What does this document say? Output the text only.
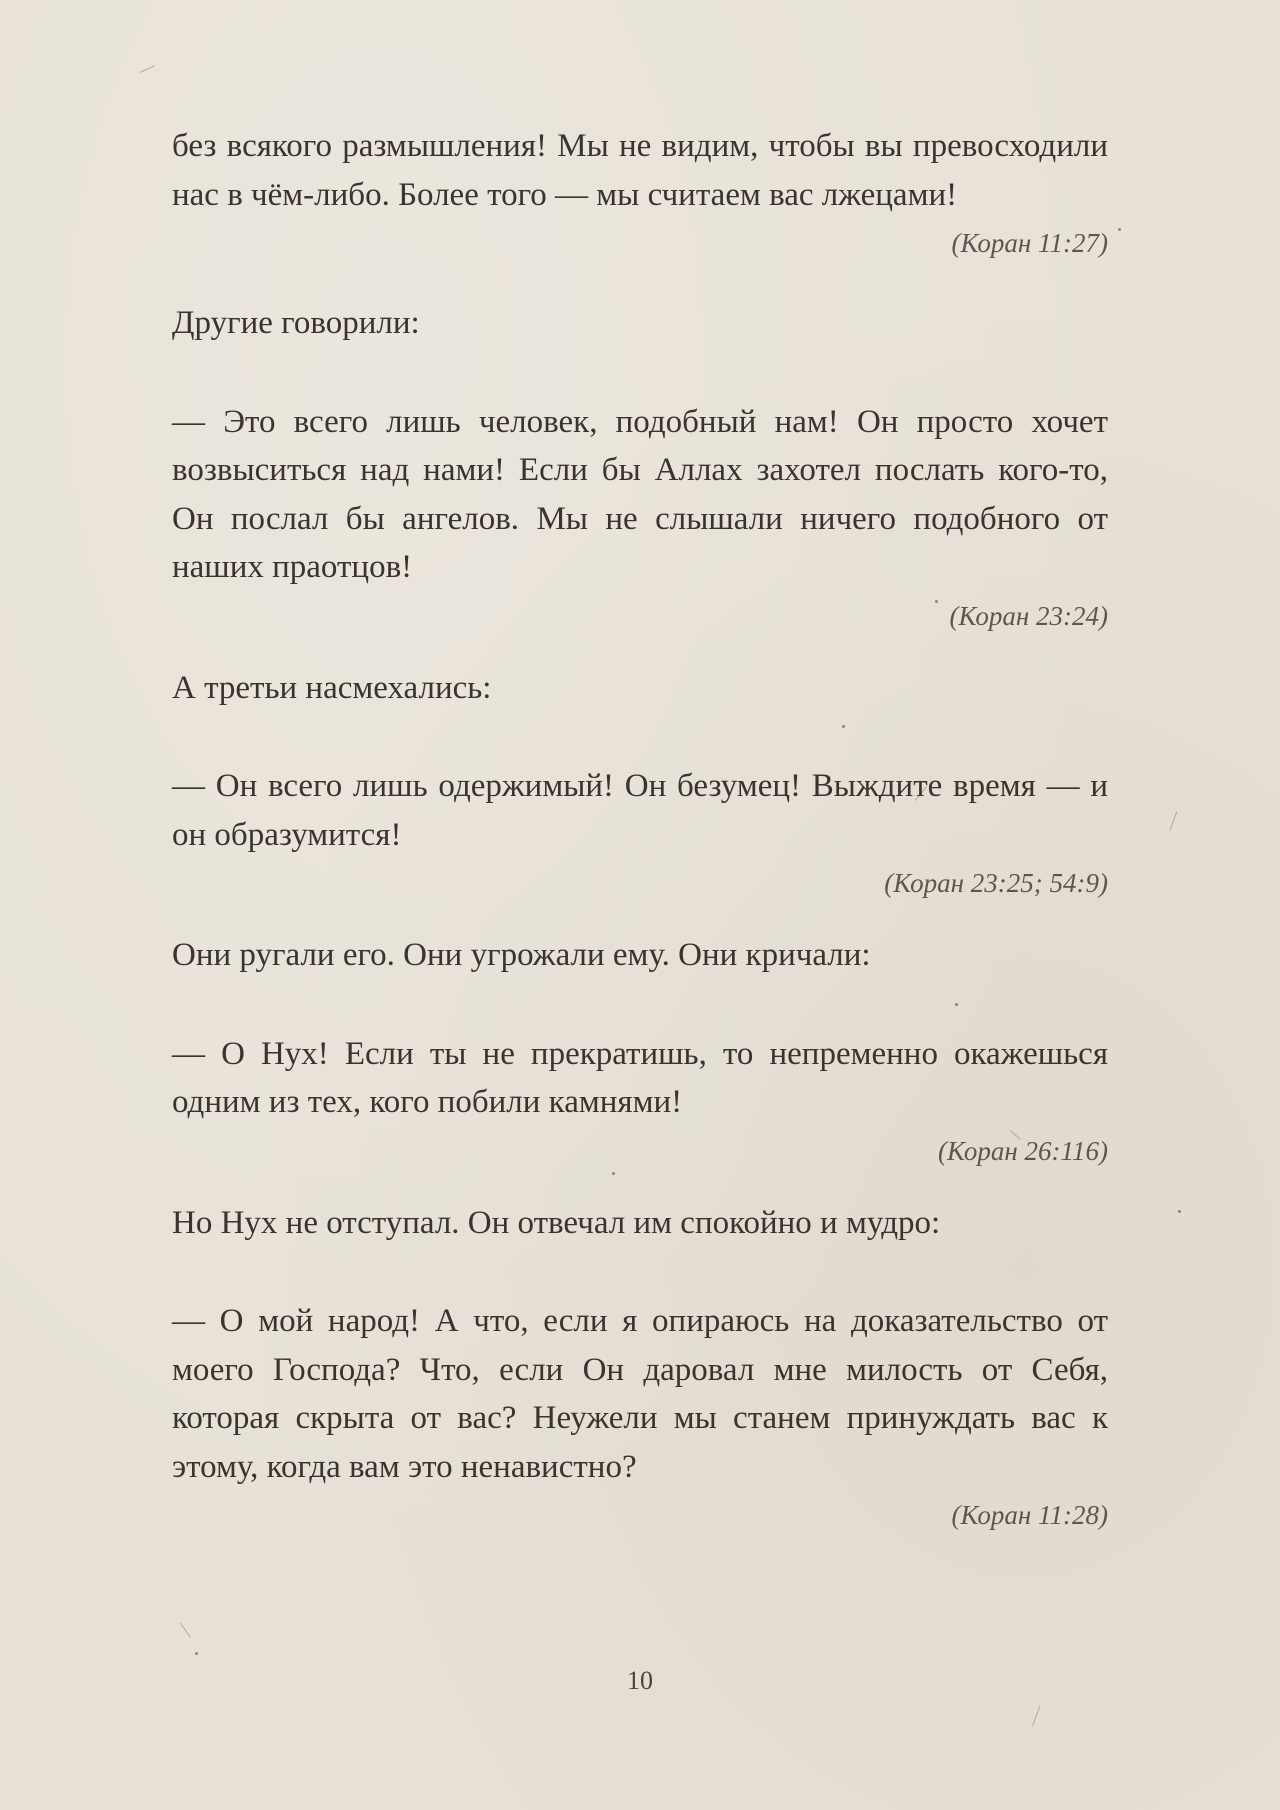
без всякого размышления! Мы не видим, чтобы вы превосходили нас в чём-либо. Более того — мы считаем вас лжецами!

(Коран 11:27)

Другие говорили:

— Это всего лишь человек, подобный нам! Он просто хочет возвыситься над нами! Если бы Аллах захотел послать кого-то, Он послал бы ангелов. Мы не слышали ничего подобного от наших праотцов!

(Коран 23:24)

А третьи насмехались:

— Он всего лишь одержимый! Он безумец! Выждите время — и он образумится!

(Коран 23:25; 54:9)

Они ругали его. Они угрожали ему. Они кричали:

— О Нух! Если ты не прекратишь, то непременно окажешься одним из тех, кого побили камнями!

(Коран 26:116)

Но Нух не отступал. Он отвечал им спокойно и мудро:

— О мой народ! А что, если я опираюсь на доказательство от моего Господа? Что, если Он даровал мне милость от Себя, которая скрыта от вас? Неужели мы станем принуждать вас к этому, когда вам это ненавистно?

(Коран 11:28)

10
